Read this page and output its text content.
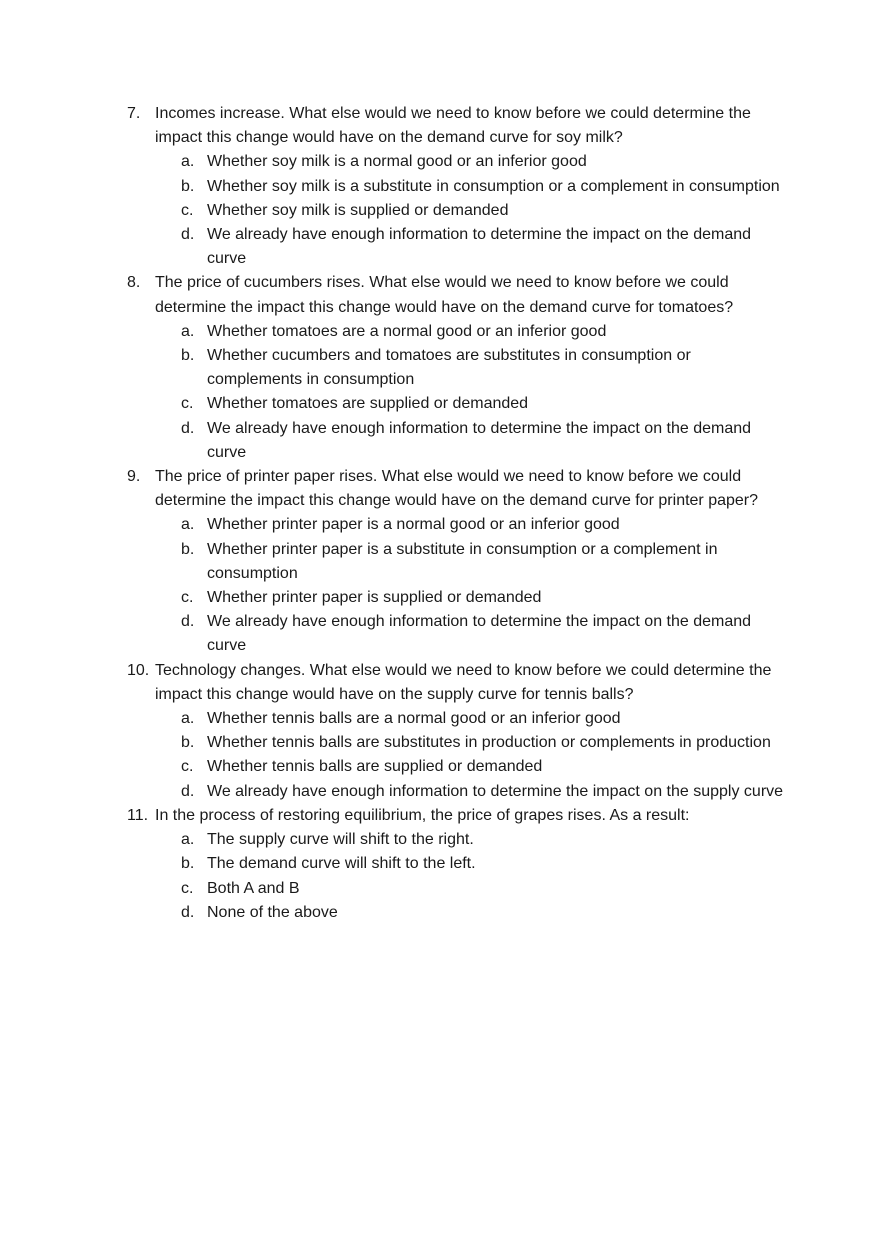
7. Incomes increase. What else would we need to know before we could determine the impact this change would have on the demand curve for soy milk?
a. Whether soy milk is a normal good or an inferior good
b. Whether soy milk is a substitute in consumption or a complement in consumption
c. Whether soy milk is supplied or demanded
d. We already have enough information to determine the impact on the demand curve
8. The price of cucumbers rises. What else would we need to know before we could determine the impact this change would have on the demand curve for tomatoes?
a. Whether tomatoes are a normal good or an inferior good
b. Whether cucumbers and tomatoes are substitutes in consumption or complements in consumption
c. Whether tomatoes are supplied or demanded
d. We already have enough information to determine the impact on the demand curve
9. The price of printer paper rises. What else would we need to know before we could determine the impact this change would have on the demand curve for printer paper?
a. Whether printer paper is a normal good or an inferior good
b. Whether printer paper is a substitute in consumption or a complement in consumption
c. Whether printer paper is supplied or demanded
d. We already have enough information to determine the impact on the demand curve
10. Technology changes. What else would we need to know before we could determine the impact this change would have on the supply curve for tennis balls?
a. Whether tennis balls are a normal good or an inferior good
b. Whether tennis balls are substitutes in production or complements in production
c. Whether tennis balls are supplied or demanded
d. We already have enough information to determine the impact on the supply curve
11. In the process of restoring equilibrium, the price of grapes rises. As a result:
a. The supply curve will shift to the right.
b. The demand curve will shift to the left.
c. Both A and B
d. None of the above
